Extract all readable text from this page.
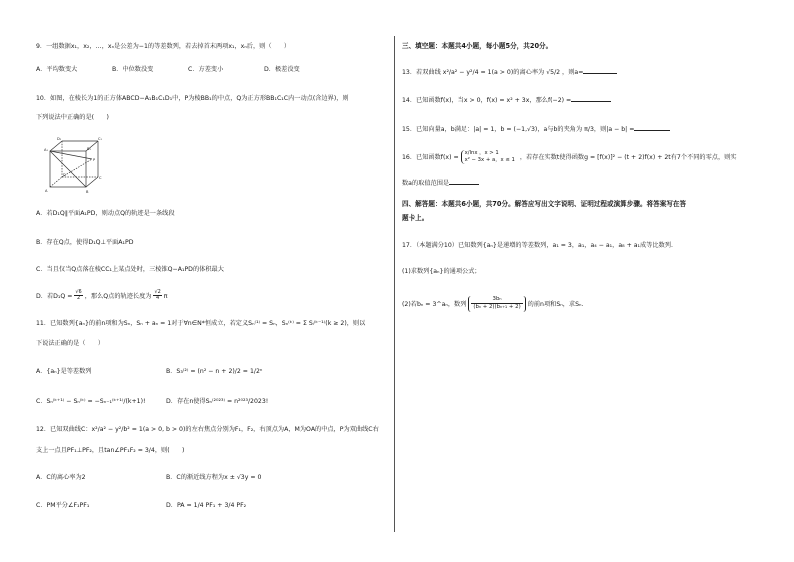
9．一组数据x₁，x₂，…，xₙ是公差为−1的等差数列，若去掉首末两项x₁，xₙ后，则（　　）
A．平均数变大	B．中位数没变	C．方差变小	D．极差没变
10．如图，在棱长为1的正方体ABCD−A₁B₁C₁D₁中，P为棱BB₁的中点，Q为正方形BB₁C₁C内一动点(含边界)，则
下列说法中正确的是(　　)
A．若D₁Q∥平面A₁PD，则动点Q的轨迹是一条线段
B．存在Q点，使得D₁Q⊥平面A₁PD
C．当且仅当Q点落在棱CC₁上某点处时，三棱锥Q−A₁PD的体积最大
D．若$D_1Q = \frac{√6}{2}$ ，那么Q点的轨迹长度为 $\frac{√2}{4}$ π
11．已知数列{aₙ}的前n项和为Sₙ，Sₙ + aₙ = 1对于∀n∈N*恒成立，若定义Sₙ⁽¹⁾ = Sₙ，Sₙ⁽ᵏ⁾ = Σ Sᵢ⁽ᵏ⁻¹⁾(k ≥ 2)，则以
下说法正确的是（　　）
A．{aₙ}是等差数列	B．S₃⁽²⁾ = (n² − n + 2)/2 = 1/2ⁿ
C．Sₙ⁽ᵏ⁺¹⁾ − Sₙ⁽ᵏ⁾ = −Sₙ₋₁⁽ᵏ⁺¹⁾/(k+1)!	D．存在n使得Sₙ⁽²⁰²³⁾ = n²⁰²³/2023!
12．已知双曲线C：x²/a² − y²/b² = 1(a > 0, b > 0)的左右焦点分别为F₁，F₂，右顶点为A，M为OA的中点，P为双曲线C右
支上一点且PF₁⊥PF₂，且tan∠PF₁F₂ = 3/4，则(　　)
A．C的离心率为2	B．C的渐近线方程为x ± √3y = 0
C．PM平分∠F₁PF₁	D．PA = 1/4 PF₁ + 3/4 PF₂
D₁	C₁
A₁	B₁
P
D
C
A	B
三、填空题：本题共4小题，每小题5分，共20分。
13．若双曲线 x²/a² − y²/4 = 1(a > 0)的离心率为 √5/2 ，则a=
14．已知函数f(x)，当x > 0，f(x) = x² + 3x，那么f(−2) =
15．已知向量a，b满足：|a| = 1，b = (−1,√3)，a与b的夹角为 π/3，则|a − b| =
16．已知函数f(x) =
x/lnx ，x > 1
x² − 3x + a，x ≤ 1 ，若存在实数t使得函数g = [f(x)]² − (t + 2)f(x) + 2t有7个不同的零点，则实
数a的取值范围是
四、解答题：本题共6小题，共70分。解答应写出文字说明、证明过程或演算步骤。将答案写在答
题卡上。
17．（本题满分10）已知数列{aₙ}是递增的等差数列，a₁ = 3，a₁，a₄ − a₁，a₈ + a₁成等比数列.
(1)求数列{aₙ}的通项公式；
(2)若bₙ = 3^aₙ，数列 $\frac{\text{3bₙ}}{\text{(bₙ + 2)(bₙ₊₁ + 2)}}$ 的前n项和Sₙ，求Sₙ.
